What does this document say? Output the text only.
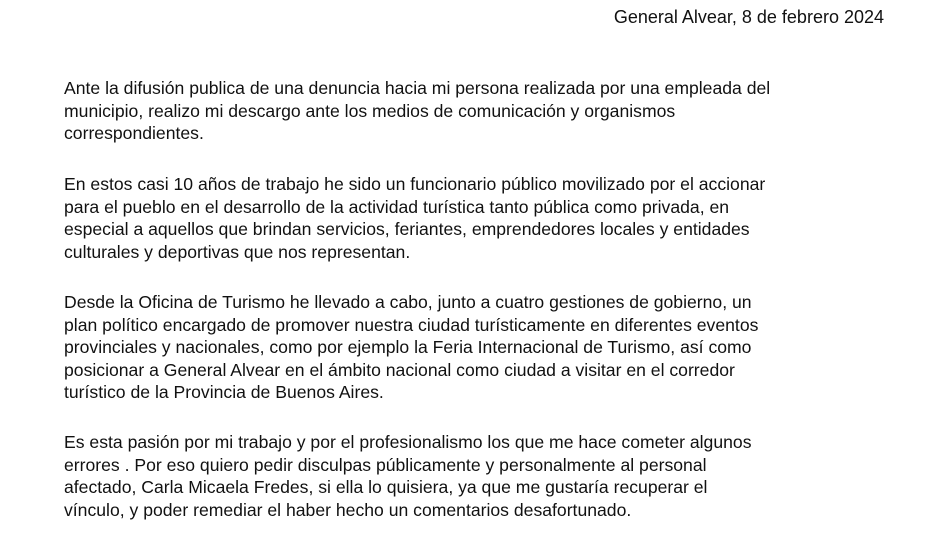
General Alvear, 8 de febrero 2024

Ante la difusión publica de una denuncia hacia mi persona realizada por una empleada del
municipio, realizo mi descargo ante los medios de comunicación y organismos
correspondientes.

En estos casi 10 años de trabajo he sido un funcionario público movilizado por el accionar
para el pueblo en el desarrollo de la actividad turística tanto pública como privada, en
especial a aquellos que brindan servicios, feriantes, emprendedores locales y entidades
culturales y deportivas que nos representan.

Desde la Oficina de Turismo he llevado a cabo, junto a cuatro gestiones de gobierno, un
plan político encargado de promover nuestra ciudad turísticamente en diferentes eventos
provinciales y nacionales, como por ejemplo la Feria Internacional de Turismo, así como
posicionar a General Alvear en el ámbito nacional como ciudad a visitar en el corredor
turístico de la Provincia de Buenos Aires.

Es esta pasión por mi trabajo y por el profesionalismo los que me hace cometer algunos
errores . Por eso quiero pedir disculpas públicamente y personalmente al personal
afectado, Carla Micaela Fredes, si ella lo quisiera, ya que me gustaría recuperar el
vínculo, y poder remediar el haber hecho un comentarios desafortunado.
